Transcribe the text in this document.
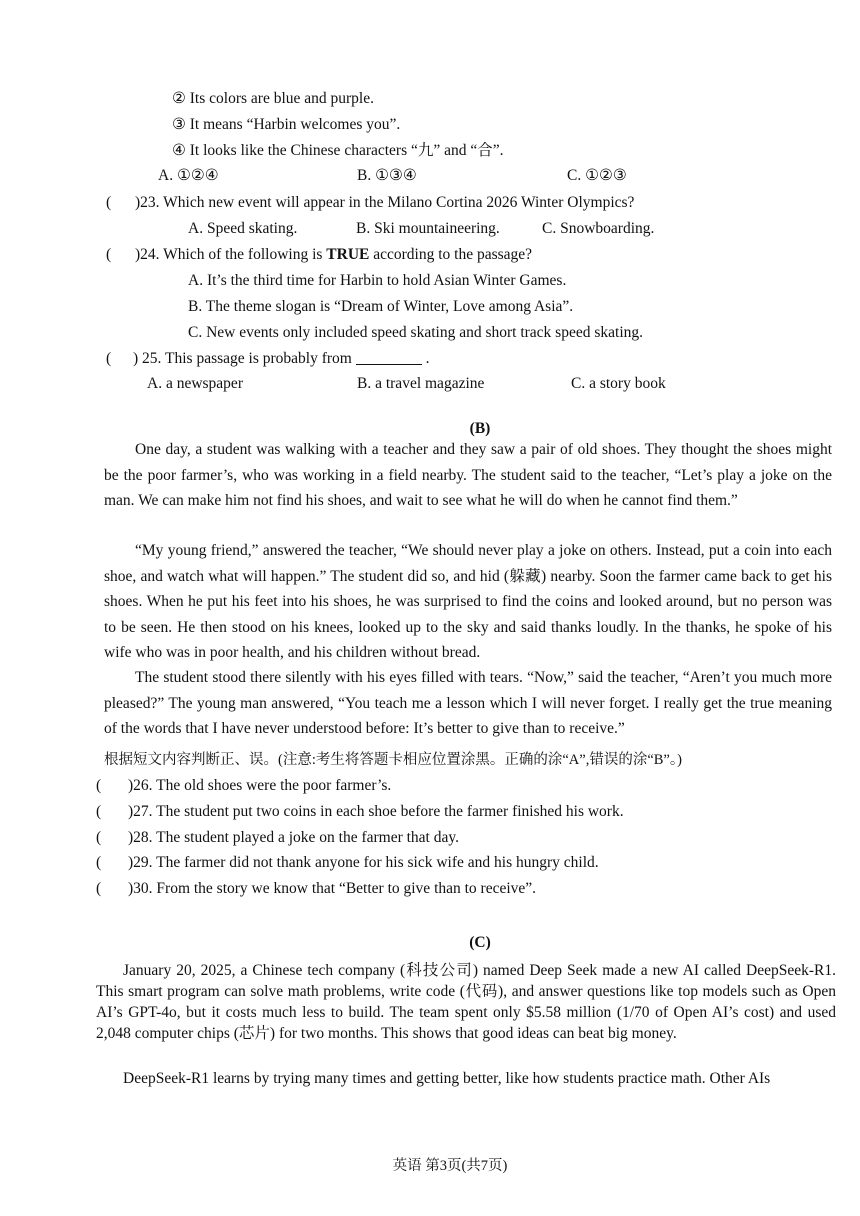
② Its colors are blue and purple.
③ It means “Harbin welcomes you”.
④ It looks like the Chinese characters “九” and “合”.
A. ①②④	B. ①③④	C. ①②③
( )23. Which new event will appear in the Milano Cortina 2026 Winter Olympics?
A. Speed skating.	B. Ski mountaineering.	C. Snowboarding.
( )24. Which of the following is TRUE according to the passage?
A. It’s the third time for Harbin to hold Asian Winter Games.
B. The theme slogan is “Dream of Winter, Love among Asia”.
C. New events only included speed skating and short track speed skating.
( ) 25. This passage is probably from	.
A. a newspaper	B. a travel magazine	C. a story book
(B)
One day, a student was walking with a teacher and they saw a pair of old shoes. They thought the shoes might be the poor farmer’s, who was working in a field nearby. The student said to the teacher, “Let’s play a joke on the man. We can make him not find his shoes, and wait to see what he will do when he cannot find them.”
“My young friend,” answered the teacher, “We should never play a joke on others. Instead, put a coin into each shoe, and watch what will happen.” The student did so, and hid (躲藏) nearby. Soon the farmer came back to get his shoes. When he put his feet into his shoes, he was surprised to find the coins and looked around, but no person was to be seen. He then stood on his knees, looked up to the sky and said thanks loudly. In the thanks, he spoke of his wife who was in poor health, and his children without bread.
The student stood there silently with his eyes filled with tears. “Now,” said the teacher, “Aren’t you much more pleased?” The young man answered, “You teach me a lesson which I will never forget. I really get the true meaning of the words that I have never understood before: It’s better to give than to receive.”
根据短文内容判断正、误。(注意:考生将答题卡相应位置涂黑。正确的涂“A”,错误的涂“B”。)
( )26. The old shoes were the poor farmer’s.
( )27. The student put two coins in each shoe before the farmer finished his work.
( )28. The student played a joke on the farmer that day.
( )29. The farmer did not thank anyone for his sick wife and his hungry child.
( )30. From the story we know that “Better to give than to receive”.
(C)
January 20, 2025, a Chinese tech company (科技公司) named Deep Seek made a new AI called DeepSeek-R1. This smart program can solve math problems, write code (代码), and answer questions like top models such as Open AI’s GPT-4o, but it costs much less to build. The team spent only $5.58 million (1/70 of Open AI’s cost) and used 2,048 computer chips (芯片) for two months. This shows that good ideas can beat big money.
DeepSeek-R1 learns by trying many times and getting better, like how students practice math. Other AIs
英语 第3页(共7页)
